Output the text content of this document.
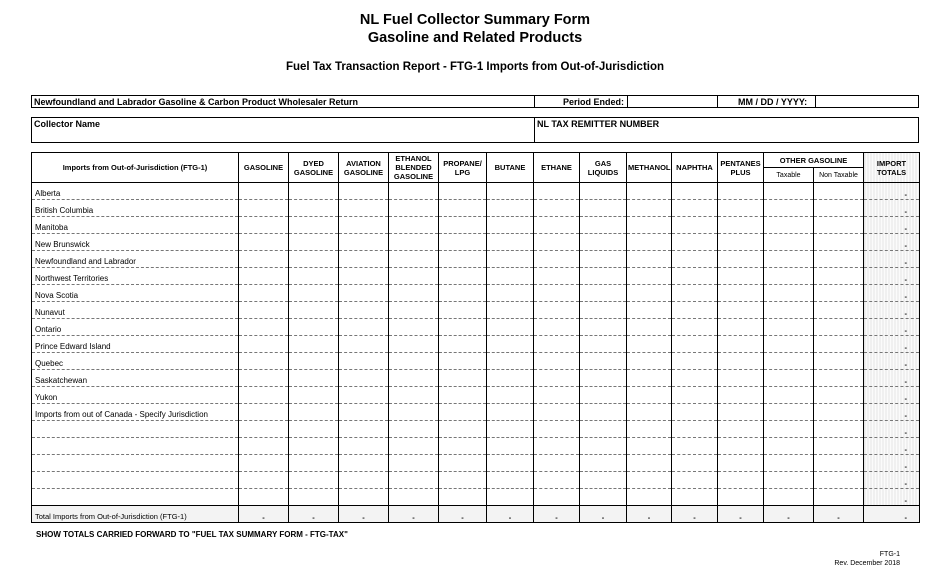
NL Fuel Collector Summary Form
Gasoline and Related Products
Fuel Tax Transaction Report - FTG-1 Imports from Out-of-Jurisdiction
Newfoundland and Labrador Gasoline & Carbon Product Wholesaler Return	Period Ended:	MM / DD / YYYY:
Collector Name	NL TAX REMITTER NUMBER
Imports from Out-of-Jurisdiction (FTG-1)	GASOLINE	DYED GASOLINE	AVIATION GASOLINE	ETHANOL BLENDED GASOLINE	PROPANE/ LPG	BUTANE	ETHANE	GAS LIQUIDS	METHANOL	NAPHTHA	PENTANES PLUS	OTHER GASOLINE		IMPORT TOTALS
												Taxable	Non Taxable	
Alberta														-
British Columbia														-
Manitoba														-
New Brunswick														-
Newfoundland and Labrador														-
Northwest Territories														-
Nova Scotia														-
Nunavut														-
Ontario														-
Prince Edward Island														-
Quebec														-
Saskatchewan														-
Yukon														-
Imports from out of Canada - Specify Jurisdiction														-
														-
														-
														-
														-
														-
Total Imports from Out-of-Jurisdiction (FTG-1)	-	-	-	-	-	-	-	-	-	-	-	-	-	-
SHOW TOTALS CARRIED FORWARD TO "FUEL TAX SUMMARY FORM - FTG-TAX"
FTG-1
Rev. December 2018
